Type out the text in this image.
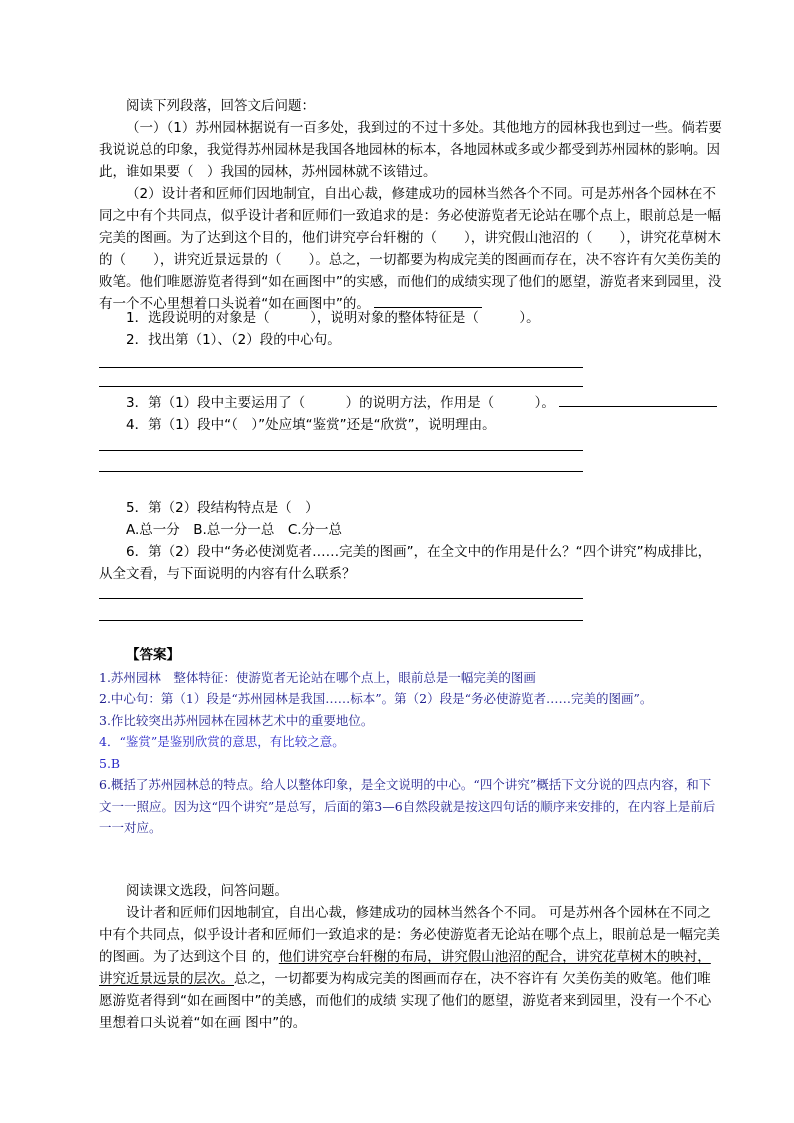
阅读下列段落，回答文后问题：

（一）（1）苏州园林据说有一百多处，我到过的不过十多处。其他地方的园林我也到过一些。倘若要我说说总的印象，我觉得苏州园林是我国各地园林的标本，各地园林或多或少都受到苏州园林的影响。因此，谁如果要（　）我国的园林，苏州园林就不该错过。

（2）设计者和匠师们因地制宜，自出心裁，修建成功的园林当然各个不同。可是苏州各个园林在不同之中有个共同点，似乎设计者和匠师们一致追求的是：务必使游览者无论站在哪个点上，眼前总是一幅完美的图画。为了达到这个目的，他们讲究亭台轩榭的（　　），讲究假山池沼的（　　），讲究花草树木的（　　），讲究近景远景的（　　）。总之，一切都要为构成完美的图画而存在，决不容许有欠美伤美的败笔。他们唯愿游览者得到“如在画图中”的实感，而他们的成绩实现了他们的愿望，游览者来到园里，没有一个不心里想着口头说着“如在画图中”的。

1．选段说明的对象是（　　　），说明对象的整体特征是（　　　）。

2．找出第（1）、（2）段的中心句。

3．第（1）段中主要运用了（　　　）的说明方法，作用是（　　　）。

4．第（1）段中“（　）”处应填“鉴赏”还是“欣赏”，说明理由。

5．第（2）段结构特点是（　）

A.总一分　B.总一分一总　C.分一总

6．第（2）段中“务必使浏览者……完美的图画”，在全文中的作用是什么？“四个讲究”构成排比，从全文看，与下面说明的内容有什么联系？

【答案】

1.苏州园林　整体特征：使游览者无论站在哪个点上，眼前总是一幅完美的图画

2.中心句：第（1）段是“苏州园林是我国……标本”。第（2）段是“务必使游览者……完美的图画”。

3.作比较突出苏州园林在园林艺术中的重要地位。

4．“鉴赏”是鉴别欣赏的意思，有比较之意。

5.B

6.概括了苏州园林总的特点。给人以整体印象，是全文说明的中心。“四个讲究”概括下文分说的四点内容，和下文一一照应。因为这“四个讲究”是总写，后面的第3—6自然段就是按这四句话的顺序来安排的，在内容上是前后一一对应。

阅读课文选段，问答问题。

设计者和匠师们因地制宜，自出心裁，修建成功的园林当然各个不同。 可是苏州各个园林在不同之中有个共同点，似乎设计者和匠师们一致追求的是：务必使游览者无论站在哪个点上，眼前总是一幅完美的图画。为了达到这个目 的，他们讲究亭台轩榭的布局，讲究假山池沼的配合，讲究花草树木的映衬，讲究近景远景的层次。总之，一切都要为构成完美的图画而存在，决不容许有 欠美伤美的败笔。他们唯愿游览者得到“如在画图中”的美感，而他们的成绩 实现了他们的愿望，游览者来到园里，没有一个不心里想着口头说着“如在画 图中”的。
